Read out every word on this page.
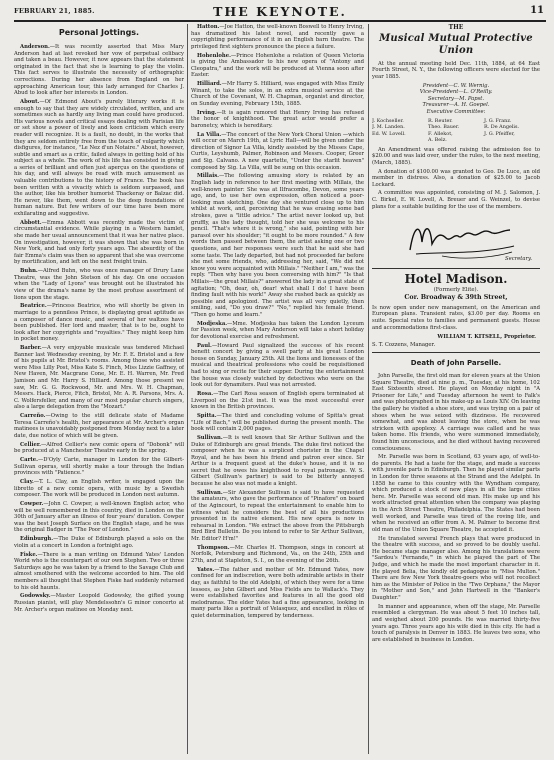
FEBRUARY 21, 1885.	THE KEYNOTE.	11
Personal Jottings.

Anderson.—It was recently asserted that Miss Mary Anderson had at last revoked her vow of perpetual celibacy and taken a beau. However, it now appears that the statement originated in the fact that she is learning to play the violin. This fact serves to illustrate the necessity of orthographic corrections. During her absence from England on her approaching American tour, this lady arranged for Charles J. Abud to look after her interests in London.

About.—Of Edmond About's purely literary works it is enough to say that they are widely circulated, written, and are sometimes such as hardly any living man could have produced. His various novels and critical essays dealing with Parisian life or set show a power of lively and keen criticism which every reader will recognize. It is a fault, no doubt, in the works that they are seldom entirely free from the touch of vulgarity which disfigures, for instance, "Le Nez d'un Notaire." About, however, subtle and smart as a critic, failed always in getting hold of his subject as a whole. The work of his life has consisted in giving a series of brilliant and often just aperçus on the questions of his day, and will always be read with much amusement as valuable contributions to the history of France. The book has been written with a vivacity which is seldom surpassed, and the author, like his brother humorist Thackeray or Balzac did. He never, like them, went down to the deep foundations of human nature. But few writers of our time have been more exhilarating and suggestive.

Abbott.—Emma Abbott was recently made the victim of circumstantial evidence. While playing in a Western hamlet, she made her usual announcement that it was her native place. On investigation, however, it was shown that she was born in New York, and had only forty years ago. The absurdity of the fair Emma's claim was then so apparent that she was overcome by mortification, and left on the next freight train.

Buhn.—Alfred Buhn, who was once manager of Drury Lane Theatre, was the John Stetson of his day. On one occasion when the "Lady of Lyons" was brought out he illustrated his view of the drama's name by the most profuse assortment of lions upon the stage.

Beatrice.—Princess Beatrice, who will shortly be given in marriage to a penniless Prince, is displaying great aptitude as a composer of dance music, and several of her waltzes have been published. Her lord and master, that is to be, ought to look after her copyrights and "royalties." They might keep him in pocket money.

Barber.—A very enjoyable musicale was tendered Michael Banner last Wednesday evening, by Mr. F. E. Bristol and a few of his pupils at Mr. Bristol's rooms. Among those who assisted were Miss Lilly Post, Miss Kate S. Finch, Miss Lizzie Gaffney, of New Haven, Mr. Macgrane Cone, Mr. E. H. Warren, Mr. Fred Jamison and Mr. Harry S. Hilliard. Among those present we saw, Mr. G. G. Rockwood, Mr. and Mrs. W. H. Chapman, Messrs. Hack, Pierce, Fitch, Bristol, Mr. A. R. Parsons, Mrs. A. C. Wolfersfeller, and many of our most popular church singers, also a large delegation from the "Mozart."

Carreño.—Owing to the still delicate state of Madame Teresa Carreño's health, her appearance at Mr. Archer's organ matinees is unavoidably postponed from Monday next to a later date, due notice of which will be given.

Cellier.—Alfred Cellier's new comic opera of "Dobonk" will be produced at a Manchester Theatre early in the spring.

Carte.—D'Oyly Carte, manager in London for the Gilbert-Sullivan operas, will shortly make a tour through the Indian provinces with "Patience."

Clay.—T. L. Clay, an English writer, is engaged upon the libretto of a new comic opera, with music by a Swedish composer. The work will be produced in London next autumn.

Cowper.—John C. Cowper, a well-known English actor, who will be well remembered in this country, died in London on the 30th of January after an illness of four years' duration. Cowper was the best Joseph Surface on the English stage, and he was the original Badger in "The Poor of London."

Edinburgh.—The Duke of Edinburgh played a solo on the violin at a concert in London a fortnight ago.

Fiske.—There is a man writing on Edmund Yates' London World who is the counterpart of our own Stephen. Two or three Saturdays ago he was taken by a friend to the Savage Club and almost smothered with the welcome accorded to him. The old members all thought that Stephen Fiske had suddenly returned to his old haunts.

Godowsky.—Master Leopold Godowsky, the gifted young Russian pianist, will play Mendelssohn's G minor concerto at Mr. Archer's organ matinee on Monday next.

Hatton.—Joe Hatton, the well-known Boswell to Henry Irving, has dramatized his latest novel, and recently gave a copyrighting performance of it in an English barn theatre. The privileged first sighters pronounce the piece a failure.

Hohenlohe.—Prince Hohenlohe a relation of Queen Victoria is giving the Ambassador to his new opera of "Antony and Cleopatra," and the work will be produced at Vienna soon after Easter.

Hilliard.—Mr Harry S. Hilliard, was engaged with Miss Emily Winant, to take the solos, in an extra musical service at the Church of the Covenant, W. H. Chapman, organist and director, on Sunday evening, February 15th, 1885.

Irving.—It is again rumored that Henry Irving has refused the honor of knighthood. The great actor would prefer a baronetcy, which is hereditary.

La Villa.—The concert of the New York Choral Union —which will occur on March 19th, at Lyric Hall—will be given under the direction of Signor La Villa, kindly assisted by the Misses Cape, Curtis, Leyshumb, Palmer, Robinson and Messrs. Cooper, Greer and Sig. Calvano. A new quartette, "Under the starlit heaven" composed by Sig. La Villa, will be sung on this occasion.

Millais.—The following amusing story is related by an English lady in reference to her first meeting with Millais, the well-known painter: She was at Ilfracombe, Devon, some years ago, and, to use her own expression, often noticed a poor-looking man sketching. One day she ventured close up to him whilst at work, and, perceiving that he was erasing some bad strokes, gave a "little advice." The artist never looked up, but gruffly, as the lady thought, told her she was welcome to his pencil. "That's where it is wrong," she said, pointing with her parasol over his shoulder; "it ought to be more rounded." A few words then passed between them, the artist asking one or two questions, and her responses were such that he said she had some taste. The lady departed, but had not proceeded far before she met some friends, who, addressing her, said, "We did not know you were acquainted with Millais." "Neither I am," was the reply. "Then why have you been conversing with him?" "Is that Millais—the great Millais?" answered the lady in a great state of agitation; "Oh, dear, oh, dear! what shall I do! I have been finding fault with his work!" Away she rushed back as quickly as possible and apologized. The artist was all very quietly, then smiling, said, "Do you draw?" "No," replied his female friend. "Then go home and learn."

Modjeska.—Mme. Modjeska has taken the London Lyceum for Passion week, when Mary Anderson will take a short holiday for devotional exercise and refreshment.

Paul.—Howard Paul signalized the success of his recent benefit concert by giving a swell party at his great London house on Sunday, January 25th. All the lions and lionesses of the musical and theatrical professions who could be requisitioned had to sing or recite for their supper. During the entertainment the house was closely watched by detectives who were on the look out for dynamiters. Paul was not arrested.

Rosa.—The Carl Rosa season of English opera terminated at Liverpool on the 21st inst. It was the most successful ever known in the British provinces.

Spitta.—The third and concluding volume of Spitta's great "Life of Bach," will be published during the present month. The book will contain 2,000 pages.

Sullivan.—It is well known that Sir Arthur Sullivan and the Duke of Edinburgh are great friends. The duke first noticed the composer when he was a surpliced chorister in the Chapel Royal, and he has been his friend and patron ever since. Sir Arthur is a frequent guest at the duke's house, and it is no secret that he owes his knighthood to royal patronage. W. S. Gilbert (Sullivan's partner) is said to be bitterly annoyed because he also was not made a knight.

Sullivan.—Sir Alexander Sullivan is said to have requested the amateurs, who gave the performance of "Pinafore" on board of the Agincourt, to repeat the entertainment to enable him to witness what he considers the best of all his productions presented in its native element. His new opera is now in rehearsal in London. "We extract the above from the Pittsburgh Bird Bird Bulletin. Do you intend to refer to Sir Arthur Sullivan, Mr. Editor? H'm!"

Thompson.—Mr. Charles H. Thompson, sings in concert at Norfolk, Petersburg and Richmond, Va., on the 24th, 25th and 27th, and at Stapleton, S. I., on the evening of the 26th.

Yates.—The father and mother of Mr. Edmund Yates, now confined for an indiscretion, were both admirable artists in their day, as faithful to the old Adelphi, of which they were for a time lessees, as John Gilbert and Miss Fields are to Wallack's. They were established favorites and features in all the good old melodramas. The elder Yates had a fine appearance, looking in many parts like a portrait of Velasquez, and excelled in rôles of quiet determination, tempered by tenderness.

THE
Musical Mutual Protective Union

At the annual meeting held Dec. 11th, 1884, at 64 East Fourth Street, N. Y., the following officers were elected for the year 1885.

President—C. W. Wernig.
Vice-President—L. O'Reilly.
Secretary—M. Papst.
Treasurer—A. H. Goepel.
Executive Committee:
J. Kochseller.	R. Reuter.	J. G. Franz.
J. M. Landen.	Theo. Bauer.	R. De Angelis.
Ed. W. Lovell.	F. Allekot,	J. G. Pfeiffer,
A. Belz.

An Amendment was offered raising the admission fee to $20.00 and was laid over, under the rules, to the next meeting, (March, 1885).

A donation of $100.00 was granted to Geo. De Luce, an old member in distress. Also, a donation of $25.00 to Jacob Lockard.

A committee was appointed, consisting of M. J. Salomon, J. C. Birkel, E. W. Lovell, A. Breuer and G. Weinzel, to devise plans for a suitable building for the use of the members.

Secretary.
Hotel Madison.
(Formerly Elite).
Cor. Broadway & 39th Street,

Is now open under new management, on the American and European plans. Transient rates, $3.00 per day. Rooms en suite. Special rates to families and permanent guests. House and accommodations first-class.

WILLIAM T. KITSELL, Proprietor.
S. T. Cozzens, Manager.
Death of John Parselle.

John Parselle, the first old man for eleven years at the Union Square Theatre, died at nine p. m., Tuesday, at his home, 102 East Sixteenth street. He played on Monday night in "A Prisoner for Life," and Tuesday afternoon he went to Falk's and was photographed in his make-up as Louis XIV. On leaving the gallery he visited a shoe store, and was trying on a pair of shoes when he was seized with dizziness. He recovered somewhat, and was about leaving the store, when he was stricken with apoplexy. A carriage was called and he was taken home. His friends, who were summoned immediately, found him unconscious, and he died without having recovered consciousness.

Mr. Parselle was born in Scotland, 63 years ago, of well-to-do parents. He had a taste for the stage, and made a success with juvenile parts in Edinburgh. Then he played similar parts in London for three seasons at the Strand and the Adelphi. In 1858 he came to this country with the Wyndham company, which produced a stock of new plays in all the large cities here. Mr. Parselle was second old man. His make up and his work attracted great attention when the company was playing in the Arch Street Theatre, Philadelphia. The States had been well worked, and Parselle was tired of the roving life, and when he received an offer from A. M. Palmer to become first old man of the Union Square Theatre, he accepted it.

He translated several French plays that were produced in the theatre with success, and so proved to be doubly useful. He became stage manager also. Among his translations were "Sardou's 'Fernande,'" in which he played the part of The Judge, and which he made the most important character in it. He played Belia, the kindly old pedagogue in "Miss Multon." There are few New York theatre-goers who will not recollect him as the Minister of Police in the "Two Orphans," the Mayor in "Mother and Son," and John Hartwell in the "Banker's Daughter."

In manner and appearance, when off the stage, Mr. Parselle resembled a clergyman. He was about 5 feet 10 inches tall, and weighed about 200 pounds. He was married thirty-five years ago. Three years ago his wife died in this city. He had a touch of paralysis in Denver in 1883. He leaves two sons, who are established in business in London.
